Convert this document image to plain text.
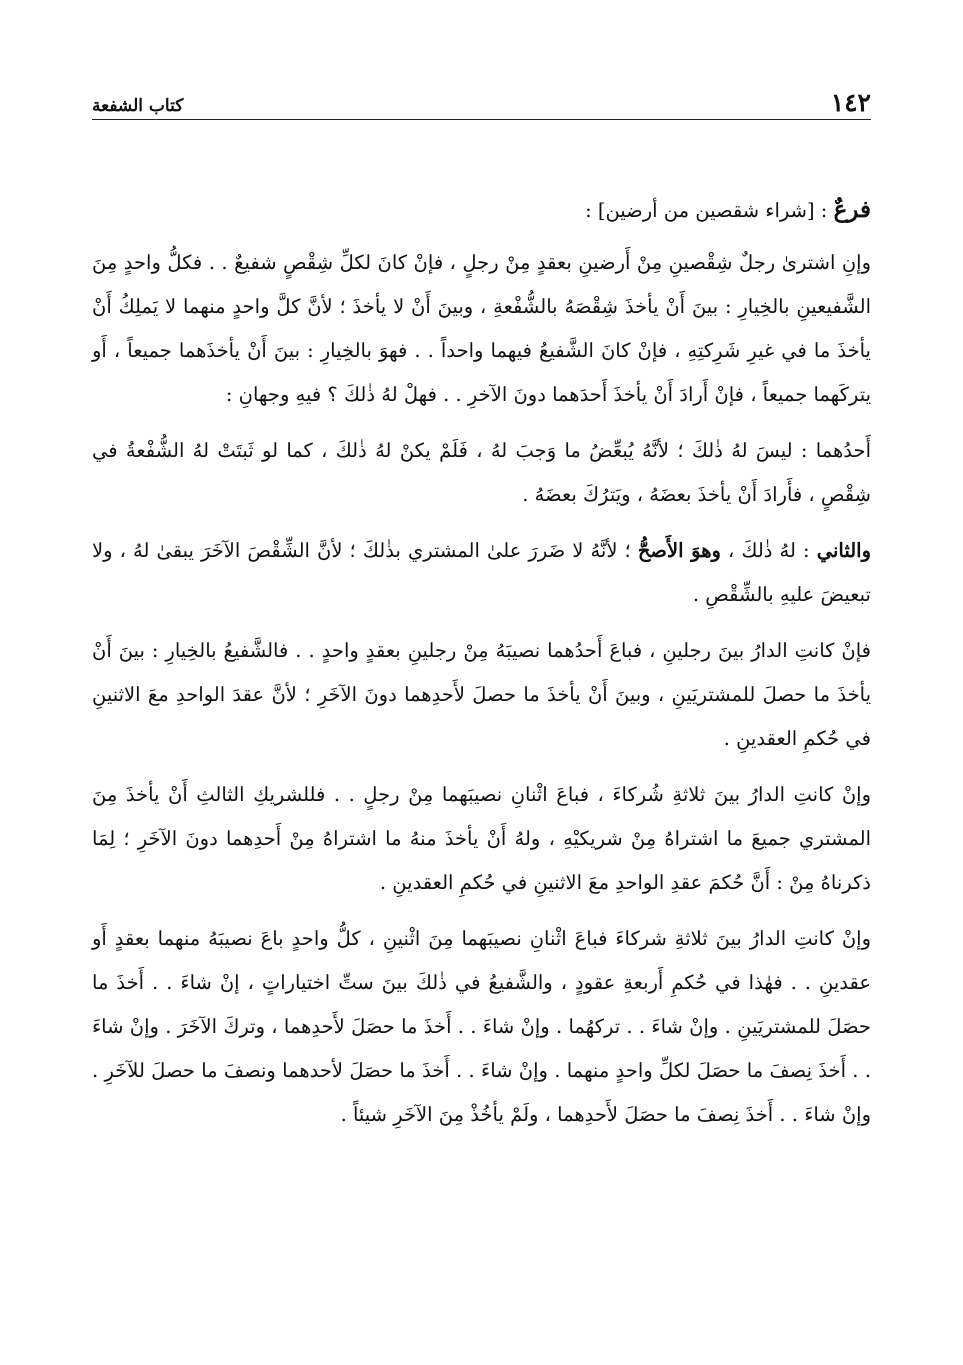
١٤٢
كتاب الشفعة

فرعٌ : [شراء شقصين من أرضين] :

وإنِ اشترىٰ رجلٌ شِقْصينِ مِنْ أَرضينِ بعقدٍ مِنْ رجلٍ ، فإنْ كانَ لكلِّ شِقْصٍ شفيعٌ . . فكلُّ واحدٍ مِنَ الشَّفيعينِ بالخِيارِ : بينَ أَنْ يأخذَ شِقْصَهُ بالشُّفْعةِ ، وبينَ أَنْ لا يأخذَ ؛ لأنَّ كلَّ واحدٍ منهما لا يَملِكُ أَنْ يأخذَ ما في غيرِ شَرِكتِهِ ، فإنْ كانَ الشَّفيعُ فيهما واحداً . . فهوَ بالخِيارِ : بينَ أَنْ يأخذَهما جميعاً ، أَو يتركَهما جميعاً ، فإنْ أَرادَ أَنْ يأخذَ أَحدَهما دونَ الآخرِ . . فهلْ لهُ ذٰلكَ ؟ فيهِ وجهانِ :

أَحدُهما : ليسَ لهُ ذٰلكَ ؛ لأنَّهُ يُبعِّضُ ما وَجبَ لهُ ، فَلَمْ يكنْ لهُ ذٰلكَ ، كما لو ثَبتَتْ لهُ الشُّفْعةُ في شِقْصٍ ، فأَرادَ أَنْ يأخذَ بعضَهُ ، ويَترُكَ بعضَهُ .

والثاني : لهُ ذٰلكَ ، وهوَ الأَصحُّ ؛ لأنَّهُ لا ضَررَ علىٰ المشتري بذٰلكَ ؛ لأنَّ الشِّقْصَ الآخَرَ يبقىٰ لهُ ، ولا تبعيضَ عليهِ بالشِّقْصِ .

فإنْ كانتِ الدارُ بينَ رجلينِ ، فباعَ أَحدُهما نصيبَهُ مِنْ رجلينِ بعقدٍ واحدٍ . . فالشَّفيعُ بالخِيارِ : بينَ أَنْ يأخذَ ما حصلَ للمشتريَينِ ، وبينَ أَنْ يأخذَ ما حصلَ لأَحدِهما دونَ الآخَرِ ؛ لأنَّ عقدَ الواحدِ معَ الاثنينِ في حُكمِ العقدينِ .

وإنْ كانتِ الدارُ بينَ ثلاثةِ شُركاءَ ، فباعَ اثْنانِ نصيبَهما مِنْ رجلٍ . . فللشريكِ الثالثِ أَنْ يأخذَ مِنَ المشتري جميعَ ما اشتراهُ مِنْ شريكيْهِ ، ولهُ أَنْ يأخذَ منهُ ما اشتراهُ مِنْ أَحدِهما دونَ الآخَرِ ؛ لِمَا ذكرناهُ مِنْ : أَنَّ حُكمَ عقدِ الواحدِ معَ الاثنينِ في حُكمِ العقدينِ .

وإنْ كانتِ الدارُ بينَ ثلاثةِ شركاءَ فباعَ اثْنانِ نصيبَهما مِنَ اثْنينِ ، كلُّ واحدٍ باعَ نصيبَهُ منهما بعقدٍ أَو عقدينِ . . فهٰذا في حُكمِ أَربعةِ عقودٍ ، والشَّفيعُ في ذٰلكَ بينَ ستِّ اختياراتٍ ، إنْ شاءَ . . أَخذَ ما حصَلَ للمشتريَينِ . وإنْ شاءَ . . تركهُما . وإنْ شاءَ . . أَخذَ ما حصَلَ لأَحدِهما ، وتركَ الآخَرَ . وإنْ شاءَ . . أَخذَ نِصفَ ما حصَلَ لكلِّ واحدٍ منهما . وإنْ شاءَ . . أَخذَ ما حصَلَ لأحدهما ونصفَ ما حصلَ للآخَرِ . وإنْ شاءَ . . أَخذَ نِصفَ ما حصَلَ لأَحدِهما ، ولَمْ يأخُذْ مِنَ الآخَرِ شيئاً .
